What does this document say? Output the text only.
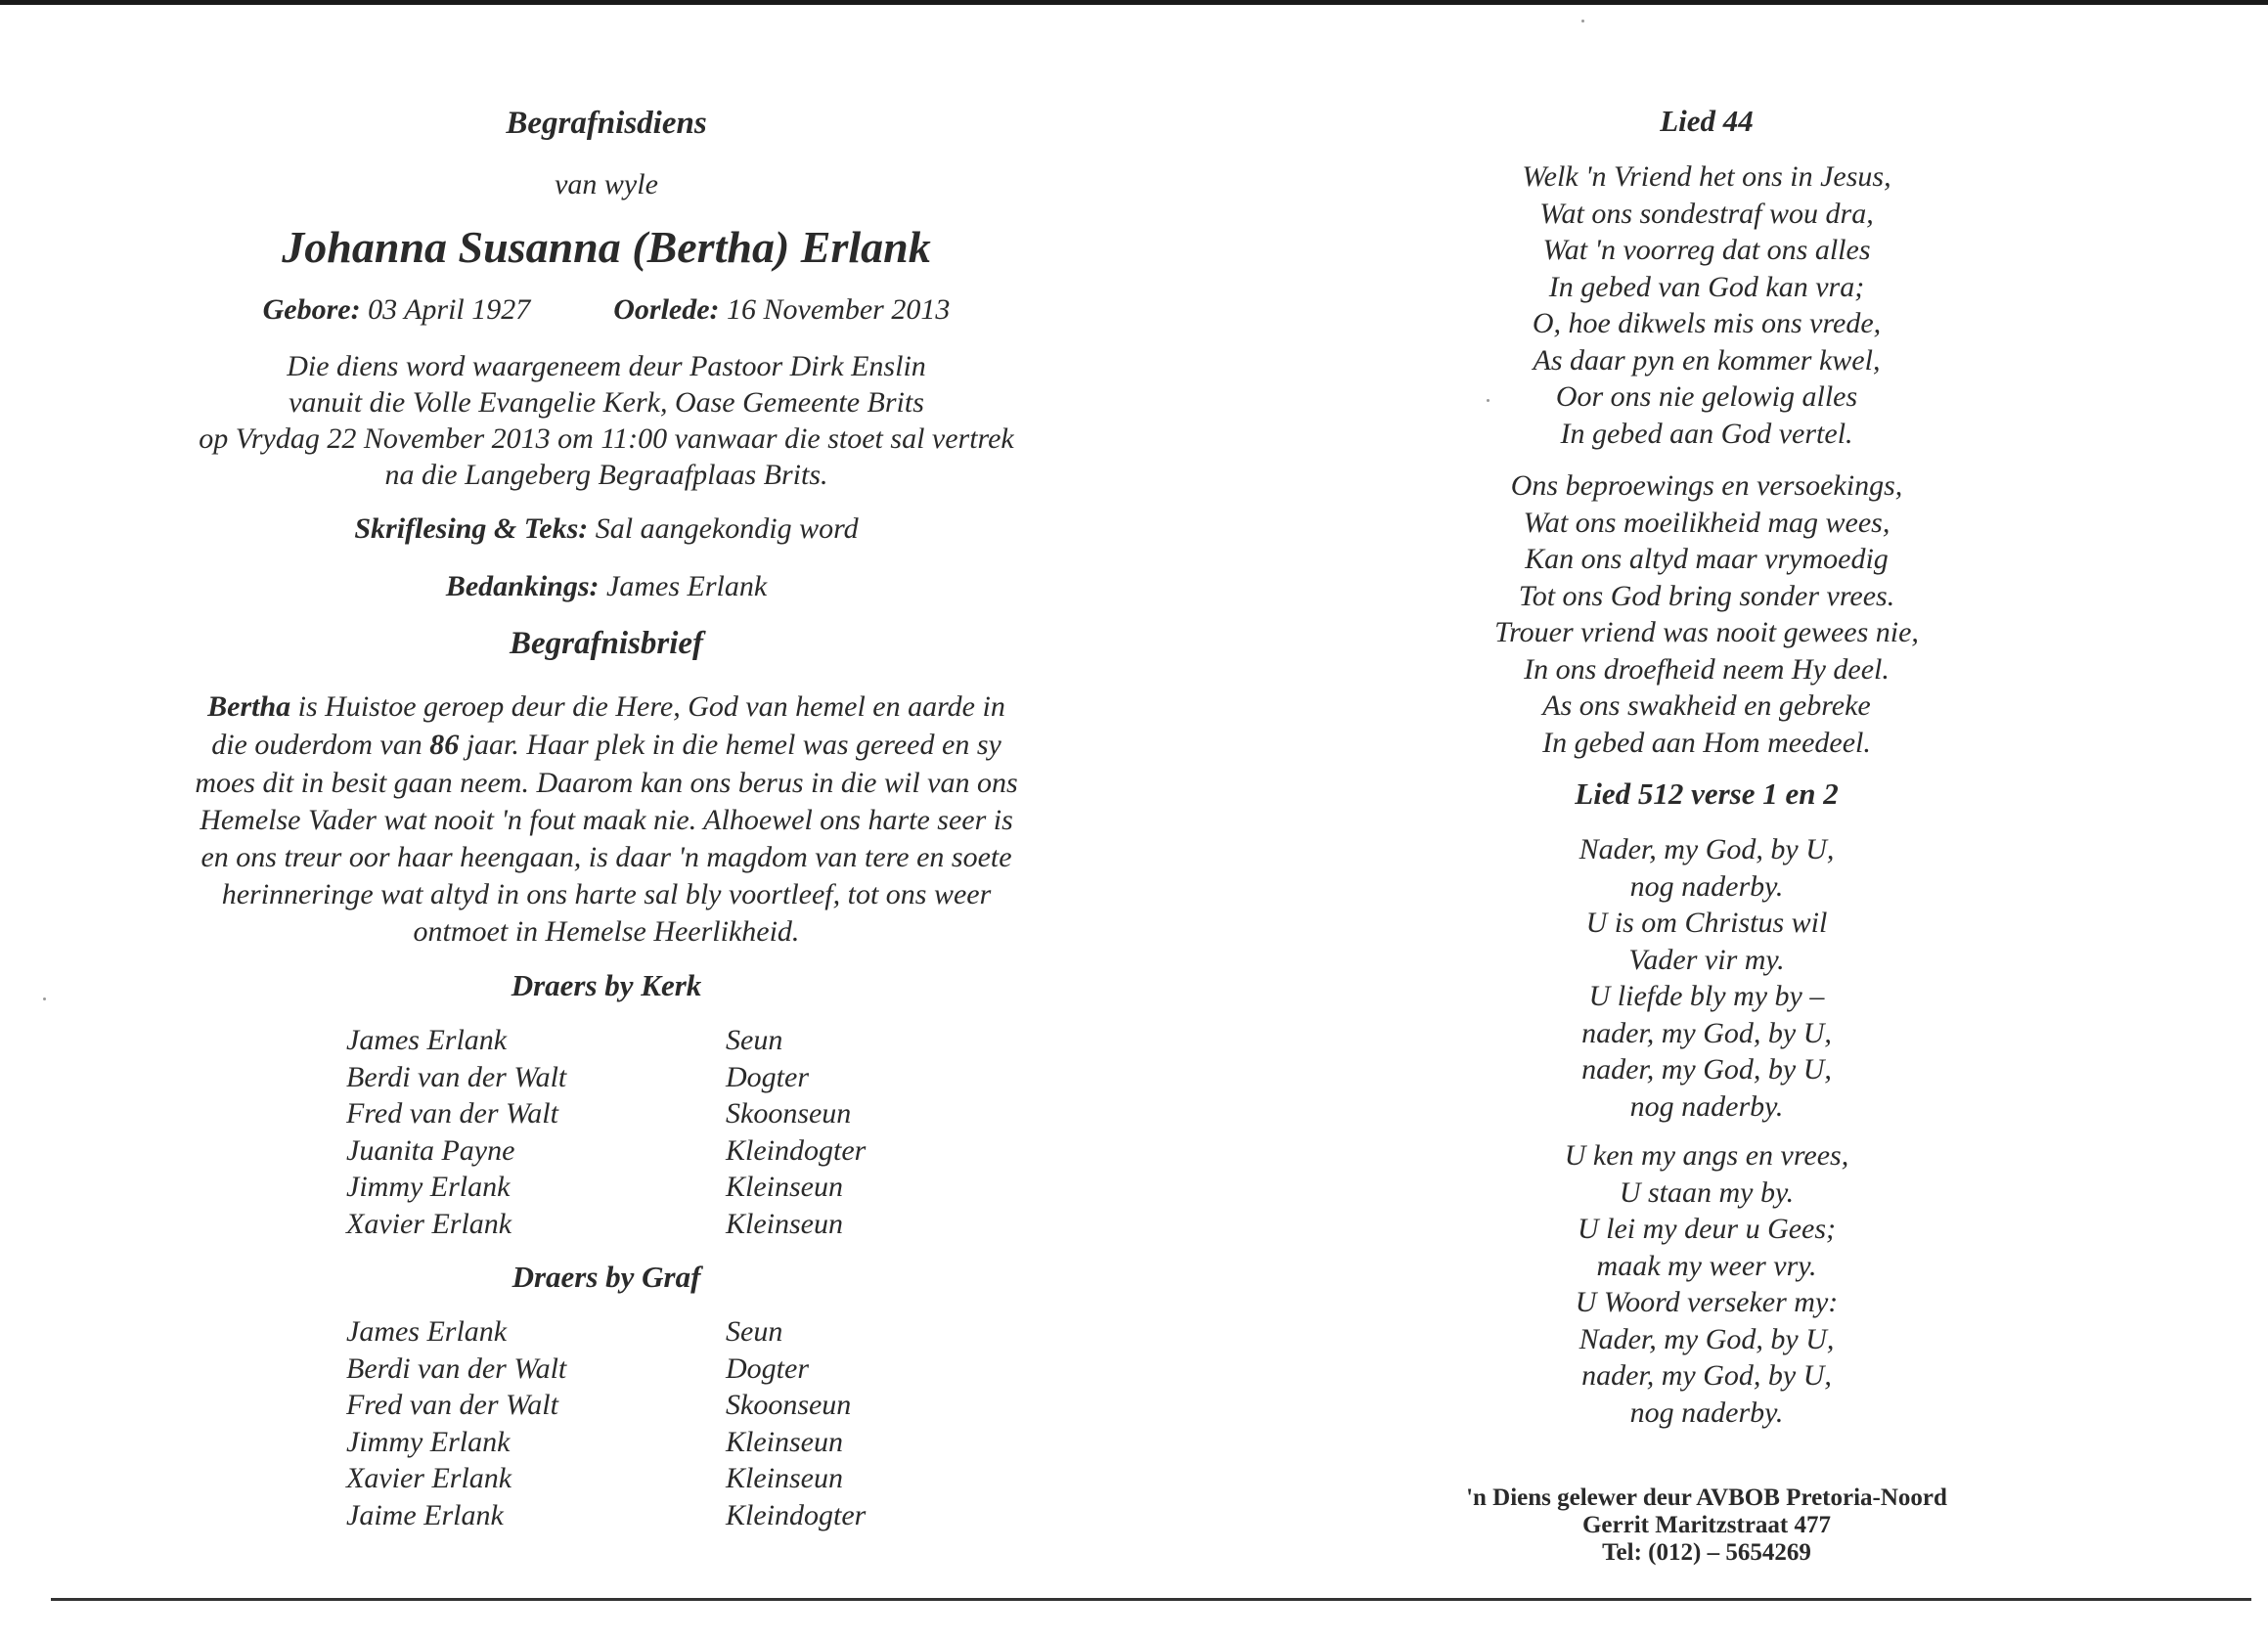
Begrafnisdiens
van wyle
Johanna Susanna (Bertha) Erlank
Gebore: 03 April 1927	Oorlede: 16 November 2013
Die diens word waargeneem deur Pastoor Dirk Enslin
vanuit die Volle Evangelie Kerk, Oase Gemeente Brits
op Vrydag 22 November 2013 om 11:00 vanwaar die stoet sal vertrek
na die Langeberg Begraafplaas Brits.
Skriflesing & Teks: Sal aangekondig word
Bedankings: James Erlank
Begrafnisbrief
Bertha is Huistoe geroep deur die Here, God van hemel en aarde in
die ouderdom van 86 jaar. Haar plek in die hemel was gereed en sy
moes dit in besit gaan neem. Daarom kan ons berus in die wil van ons
Hemelse Vader wat nooit 'n fout maak nie. Alhoewel ons harte seer is
en ons treur oor haar heengaan, is daar 'n magdom van tere en soete
herinneringe wat altyd in ons harte sal bly voortleef, tot ons weer
ontmoet in Hemelse Heerlikheid.
Draers by Kerk
James Erlank	Seun
Berdi van der Walt	Dogter
Fred van der Walt	Skoonseun
Juanita Payne	Kleindogter
Jimmy Erlank	Kleinseun
Xavier Erlank	Kleinseun
Draers by Graf
James Erlank	Seun
Berdi van der Walt	Dogter
Fred van der Walt	Skoonseun
Jimmy Erlank	Kleinseun
Xavier Erlank	Kleinseun
Jaime Erlank	Kleindogter
Lied 44
Welk 'n Vriend het ons in Jesus,
Wat ons sondestraf wou dra,
Wat 'n voorreg dat ons alles
In gebed van God kan vra;
O, hoe dikwels mis ons vrede,
As daar pyn en kommer kwel,
Oor ons nie gelowig alles
In gebed aan God vertel.
Ons beproewings en versoekings,
Wat ons moeilikheid mag wees,
Kan ons altyd maar vrymoedig
Tot ons God bring sonder vrees.
Trouer vriend was nooit gewees nie,
In ons droefheid neem Hy deel.
As ons swakheid en gebreke
In gebed aan Hom meedeel.
Lied 512 verse 1 en 2
Nader, my God, by U,
nog naderby.
U is om Christus wil
Vader vir my.
U liefde bly my by –
nader, my God, by U,
nader, my God, by U,
nog naderby.
U ken my angs en vrees,
U staan my by.
U lei my deur u Gees;
maak my weer vry.
U Woord verseker my:
Nader, my God, by U,
nader, my God, by U,
nog naderby.
'n Diens gelewer deur AVBOB Pretoria-Noord
Gerrit Maritzstraat 477
Tel: (012) – 5654269
